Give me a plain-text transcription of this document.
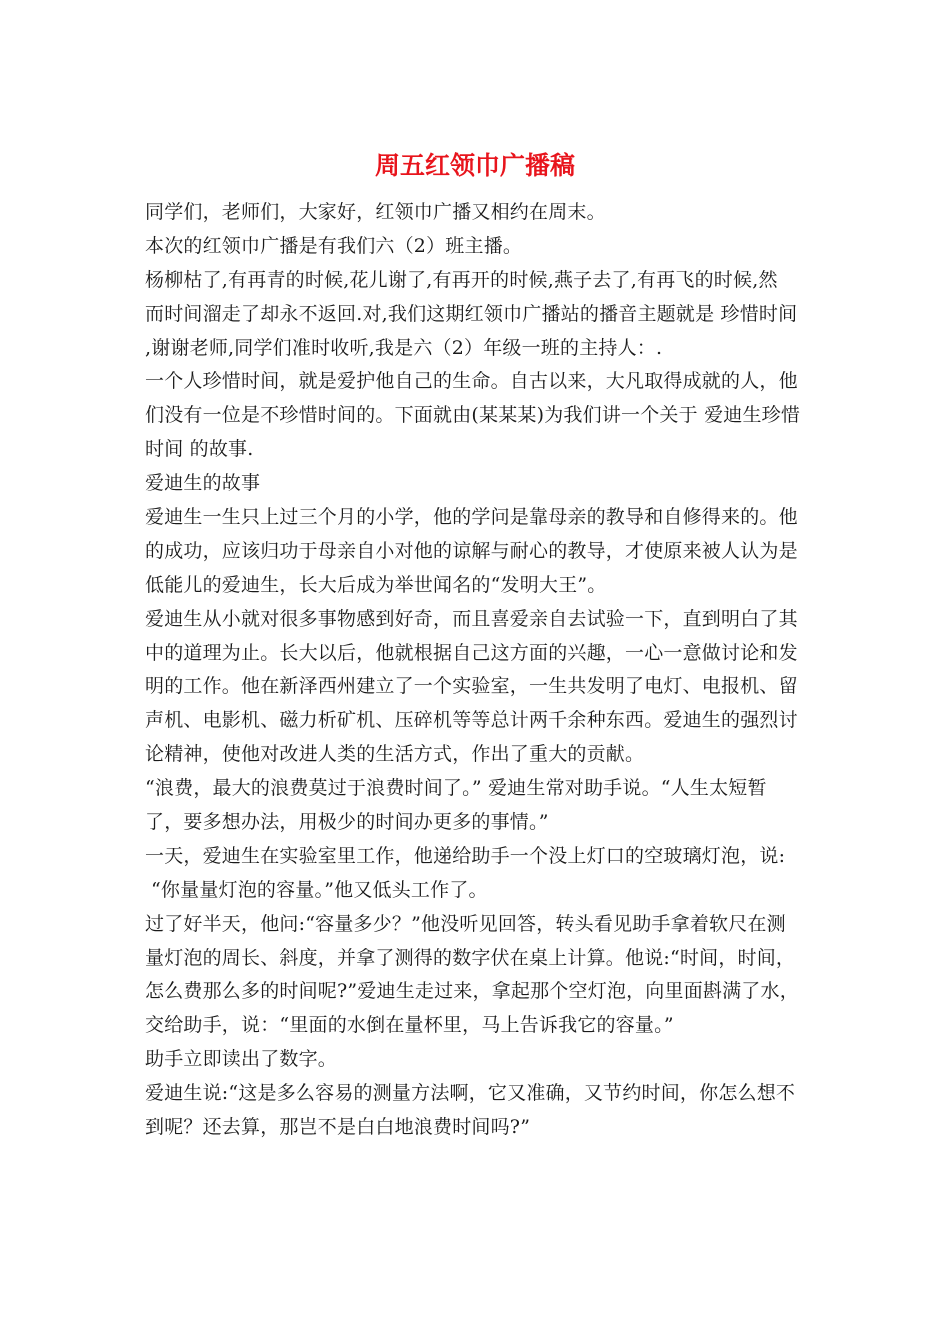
周五红领巾广播稿
同学们，老师们，大家好，红领巾广播又相约在周末。
本次的红领巾广播是有我们六（2）班主播。
杨柳枯了,有再青的时候,花儿谢了,有再开的时候,燕子去了,有再飞的时候,然
而时间溜走了却永不返回.对,我们这期红领巾广播站的播音主题就是 珍惜时间
,谢谢老师,同学们准时收听,我是六（2）年级一班的主持人：.
一个人珍惜时间，就是爱护他自己的生命。自古以来，大凡取得成就的人，他
们没有一位是不珍惜时间的。下面就由(某某某)为我们讲一个关于 爱迪生珍惜
时间 的故事.
爱迪生的故事
爱迪生一生只上过三个月的小学，他的学问是靠母亲的教导和自修得来的。他
的成功，应该归功于母亲自小对他的谅解与耐心的教导，才使原来被人认为是
低能儿的爱迪生，长大后成为举世闻名的“发明大王”。
爱迪生从小就对很多事物感到好奇，而且喜爱亲自去试验一下，直到明白了其
中的道理为止。长大以后，他就根据自己这方面的兴趣，一心一意做讨论和发
明的工作。他在新泽西州建立了一个实验室，一生共发明了电灯、电报机、留
声机、电影机、磁力析矿机、压碎机等等总计两千余种东西。爱迪生的强烈讨
论精神，使他对改进人类的生活方式，作出了重大的贡献。
“浪费，最大的浪费莫过于浪费时间了。” 爱迪生常对助手说。“人生太短暂
了，要多想办法，用极少的时间办更多的事情。”
一天，爱迪生在实验室里工作，他递给助手一个没上灯口的空玻璃灯泡，说:
“你量量灯泡的容量。”他又低头工作了。
过了好半天，他问:“容量多少？”他没听见回答，转头看见助手拿着软尺在测
量灯泡的周长、斜度，并拿了测得的数字伏在桌上计算。他说:“时间，时间，
怎么费那么多的时间呢?”爱迪生走过来，拿起那个空灯泡，向里面斟满了水，
交给助手，说：“里面的水倒在量杯里，马上告诉我它的容量。”
助手立即读出了数字。
爱迪生说:“这是多么容易的测量方法啊，它又准确，又节约时间，你怎么想不
到呢？还去算，那岂不是白白地浪费时间吗?”
